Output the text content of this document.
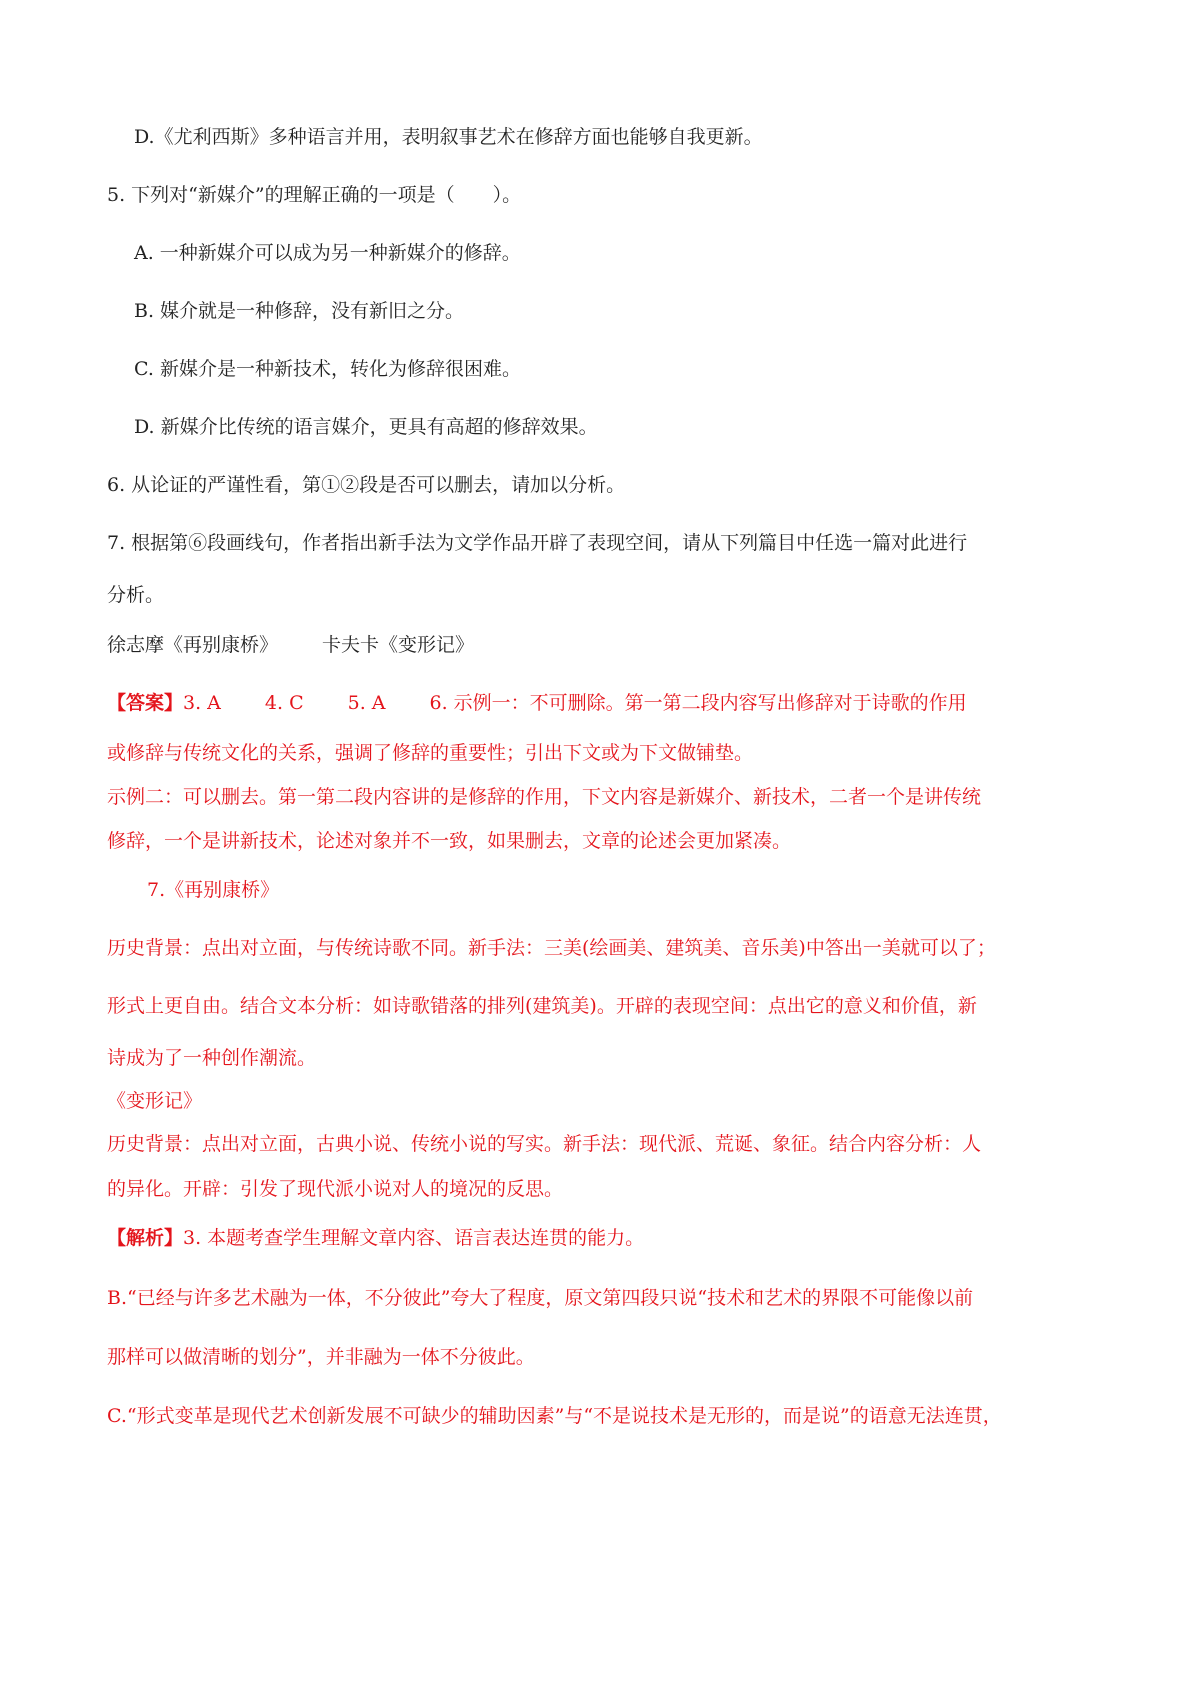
D.《尤利西斯》多种语言并用，表明叙事艺术在修辞方面也能够自我更新。
5. 下列对“新媒介”的理解正确的一项是（　　）。
A. 一种新媒介可以成为另一种新媒介的修辞。
B. 媒介就是一种修辞，没有新旧之分。
C. 新媒介是一种新技术，转化为修辞很困难。
D. 新媒介比传统的语言媒介，更具有高超的修辞效果。
6. 从论证的严谨性看，第①②段是否可以删去，请加以分析。
7. 根据第⑥段画线句，作者指出新手法为文学作品开辟了表现空间，请从下列篇目中任选一篇对此进行
分析。
徐志摩《再别康桥》 卡夫卡《变形记》
【答案】3. A 4. C 5. A 6. 示例一：不可删除。第一第二段内容写出修辞对于诗歌的作用
或修辞与传统文化的关系，强调了修辞的重要性；引出下文或为下文做铺垫。
示例二：可以删去。第一第二段内容讲的是修辞的作用，下文内容是新媒介、新技术，二者一个是讲传统
修辞，一个是讲新技术，论述对象并不一致，如果删去，文章的论述会更加紧凑。
7.《再别康桥》
历史背景：点出对立面，与传统诗歌不同。新手法：三美(绘画美、建筑美、音乐美)中答出一美就可以了；
形式上更自由。结合文本分析：如诗歌错落的排列(建筑美)。开辟的表现空间：点出它的意义和价值，新
诗成为了一种创作潮流。
《变形记》
历史背景：点出对立面，古典小说、传统小说的写实。新手法：现代派、荒诞、象征。结合内容分析：人
的异化。开辟：引发了现代派小说对人的境况的反思。
【解析】3. 本题考查学生理解文章内容、语言表达连贯的能力。
B.“已经与许多艺术融为一体，不分彼此”夸大了程度，原文第四段只说“技术和艺术的界限不可能像以前
那样可以做清晰的划分”，并非融为一体不分彼此。
C.“形式变革是现代艺术创新发展不可缺少的辅助因素”与“不是说技术是无形的，而是说”的语意无法连贯，
